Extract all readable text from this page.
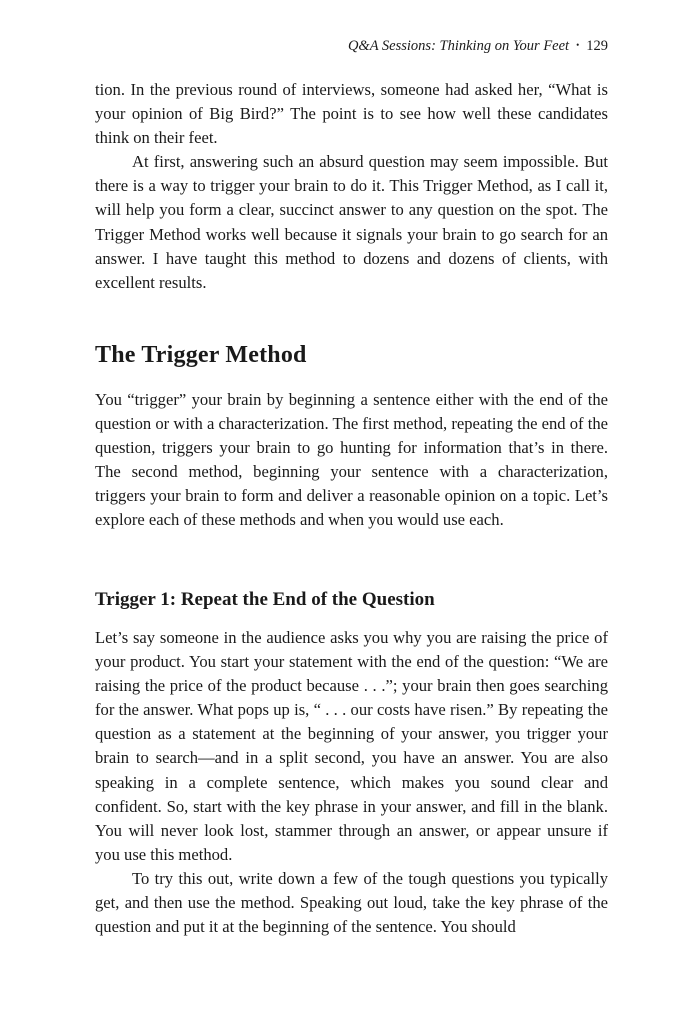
Q&A Sessions: Thinking on Your Feet • 129

tion. In the previous round of interviews, someone had asked her, “What is your opinion of Big Bird?” The point is to see how well these candidates think on their feet.

At first, answering such an absurd question may seem impossible. But there is a way to trigger your brain to do it. This Trigger Method, as I call it, will help you form a clear, succinct answer to any question on the spot. The Trigger Method works well because it signals your brain to go search for an answer. I have taught this method to dozens and dozens of clients, with excellent results.

The Trigger Method

You “trigger” your brain by beginning a sentence either with the end of the question or with a characterization. The first method, repeating the end of the question, triggers your brain to go hunting for information that’s in there. The second method, beginning your sentence with a characterization, triggers your brain to form and deliver a reasonable opinion on a topic. Let’s explore each of these methods and when you would use each.

Trigger 1: Repeat the End of the Question

Let’s say someone in the audience asks you why you are raising the price of your product. You start your statement with the end of the question: “We are raising the price of the product because . . .”; your brain then goes searching for the answer. What pops up is, “ . . . our costs have risen.” By repeating the question as a statement at the beginning of your answer, you trigger your brain to search—and in a split second, you have an answer. You are also speaking in a complete sentence, which makes you sound clear and confident. So, start with the key phrase in your answer, and fill in the blank. You will never look lost, stammer through an answer, or appear unsure if you use this method.

To try this out, write down a few of the tough questions you typically get, and then use the method. Speaking out loud, take the key phrase of the question and put it at the beginning of the sentence. You should
